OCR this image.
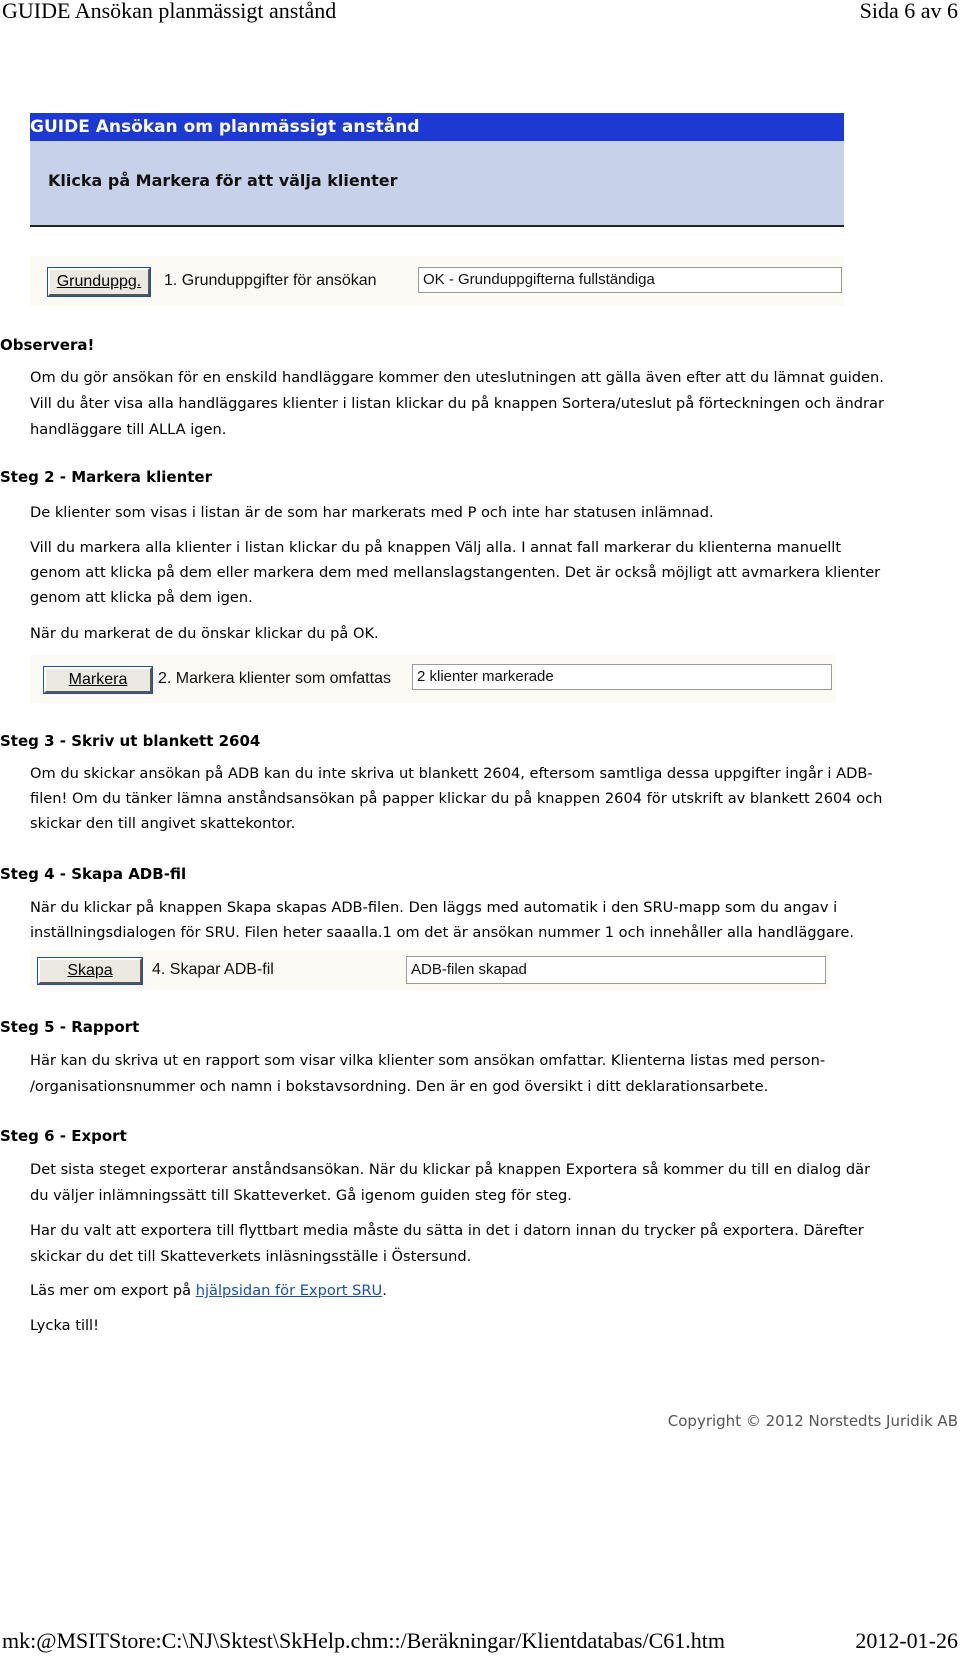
GUIDE Ansökan planmässigt anstånd	Sida 6 av 6
GUIDE Ansökan om planmässigt anstånd
Klicka på Markera för att välja klienter
Grunduppg.	1. Grunduppgifter för ansökan	OK - Grunduppgifterna fullständiga
Observera!
Om du gör ansökan för en enskild handläggare kommer den uteslutningen att gälla även efter att du lämnat guiden.
Vill du åter visa alla handläggares klienter i listan klickar du på knappen Sortera/uteslut på förteckningen och ändrar
handläggare till ALLA igen.
Steg 2 - Markera klienter
De klienter som visas i listan är de som har markerats med P och inte har statusen inlämnad.
Vill du markera alla klienter i listan klickar du på knappen Välj alla. I annat fall markerar du klienterna manuellt
genom att klicka på dem eller markera dem med mellanslagstangenten. Det är också möjligt att avmarkera klienter
genom att klicka på dem igen.
När du markerat de du önskar klickar du på OK.
Markera	2. Markera klienter som omfattas	2 klienter markerade
Steg 3 - Skriv ut blankett 2604
Om du skickar ansökan på ADB kan du inte skriva ut blankett 2604, eftersom samtliga dessa uppgifter ingår i ADB-
filen! Om du tänker lämna anståndsansökan på papper klickar du på knappen 2604 för utskrift av blankett 2604 och
skickar den till angivet skattekontor.
Steg 4 - Skapa ADB-fil
När du klickar på knappen Skapa skapas ADB-filen. Den läggs med automatik i den SRU-mapp som du angav i
inställningsdialogen för SRU. Filen heter saaalla.1 om det är ansökan nummer 1 och innehåller alla handläggare.
Skapa	4. Skapar ADB-fil	ADB-filen skapad
Steg 5 - Rapport
Här kan du skriva ut en rapport som visar vilka klienter som ansökan omfattar. Klienterna listas med person-
/organisationsnummer och namn i bokstavsordning. Den är en god översikt i ditt deklarationsarbete.
Steg 6 - Export
Det sista steget exporterar anståndsansökan. När du klickar på knappen Exportera så kommer du till en dialog där
du väljer inlämningssätt till Skatteverket. Gå igenom guiden steg för steg.
Har du valt att exportera till flyttbart media måste du sätta in det i datorn innan du trycker på exportera. Därefter
skickar du det till Skatteverkets inläsningsställe i Östersund.
Läs mer om export på hjälpsidan för Export SRU.
Lycka till!
Copyright © 2012 Norstedts Juridik AB
mk:@MSITStore:C:\NJ\Sktest\SkHelp.chm::/Beräkningar/Klientdatabas/C61.htm	2012-01-26
